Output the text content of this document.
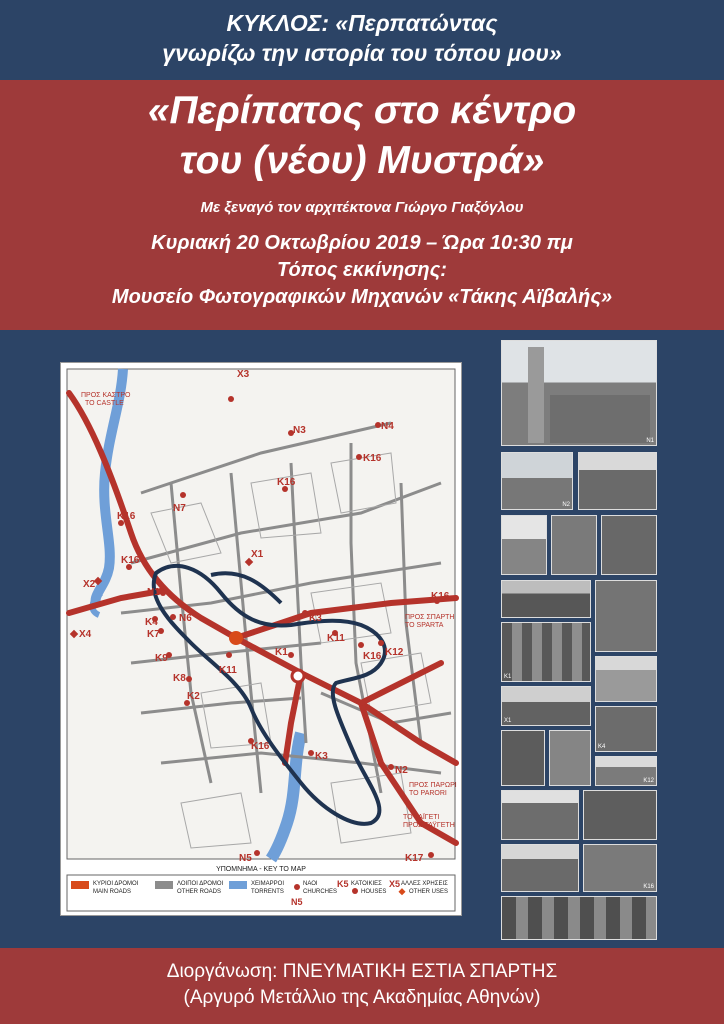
ΚΥΚΛΟΣ: «Περπατώντας
γνωρίζω την ιστορία του τόπου μου»
«Περίπατος στο κέντρο
του (νέου) Μυστρά»
Με ξεναγό τον αρχιτέκτονα Γιώργο Γιαξόγλου
Κυριακή 20 Οκτωβρίου 2019 – Ώρα 10:30 πμ
Τόπος εκκίνησης:
Μουσείο Φωτογραφικών Μηχανών «Τάκης Αϊβαλής»
X3
N3	N4
K16
K16
N7
K16
K16
X1
X2
N1	K16
X4
K4 N6
K7
K3
K11
K16 K12
K9
K11
K1
K8
K2
K16
K3
N2
N5	K17
ΠΡΟΣ ΚΑΣΤΡΟ
TO CASTLE
ΠΡΟΣ ΣΠΑΡΤΗ
TO SPARTA
ΠΡΟΣ ΠΑΡΩΡΙ
TO PARORI
ΤΟ ΤΑΪΓΕΤΙ
ΠΡΟΣ ΤΑΫΓΕΤΗ
ΥΠΟΜΝΗΜΑ - KEY TO MAP
ΚΥΡΙΟΙ ΔΡΟΜΟΙ
MAIN ROADS
ΛΟΙΠΟΙ ΔΡΟΜΟΙ
OTHER ROADS
ΧΕΙΜΑΡΡΟΙ
TORRENTS
N5
ΝΑΟΙ
CHURCHES
K5 ΚΑΤΟΙΚΙΕΣ
HOUSES
X5 ΑΛΛΕΣ ΧΡΗΣΕΙΣ
OTHER USES
N1
N2
K1
X1
K4
K12
K16
Διοργάνωση: ΠΝΕΥΜΑΤΙΚΗ ΕΣΤΙΑ ΣΠΑΡΤΗΣ
(Αργυρό Μετάλλιο της Ακαδημίας Αθηνών)
